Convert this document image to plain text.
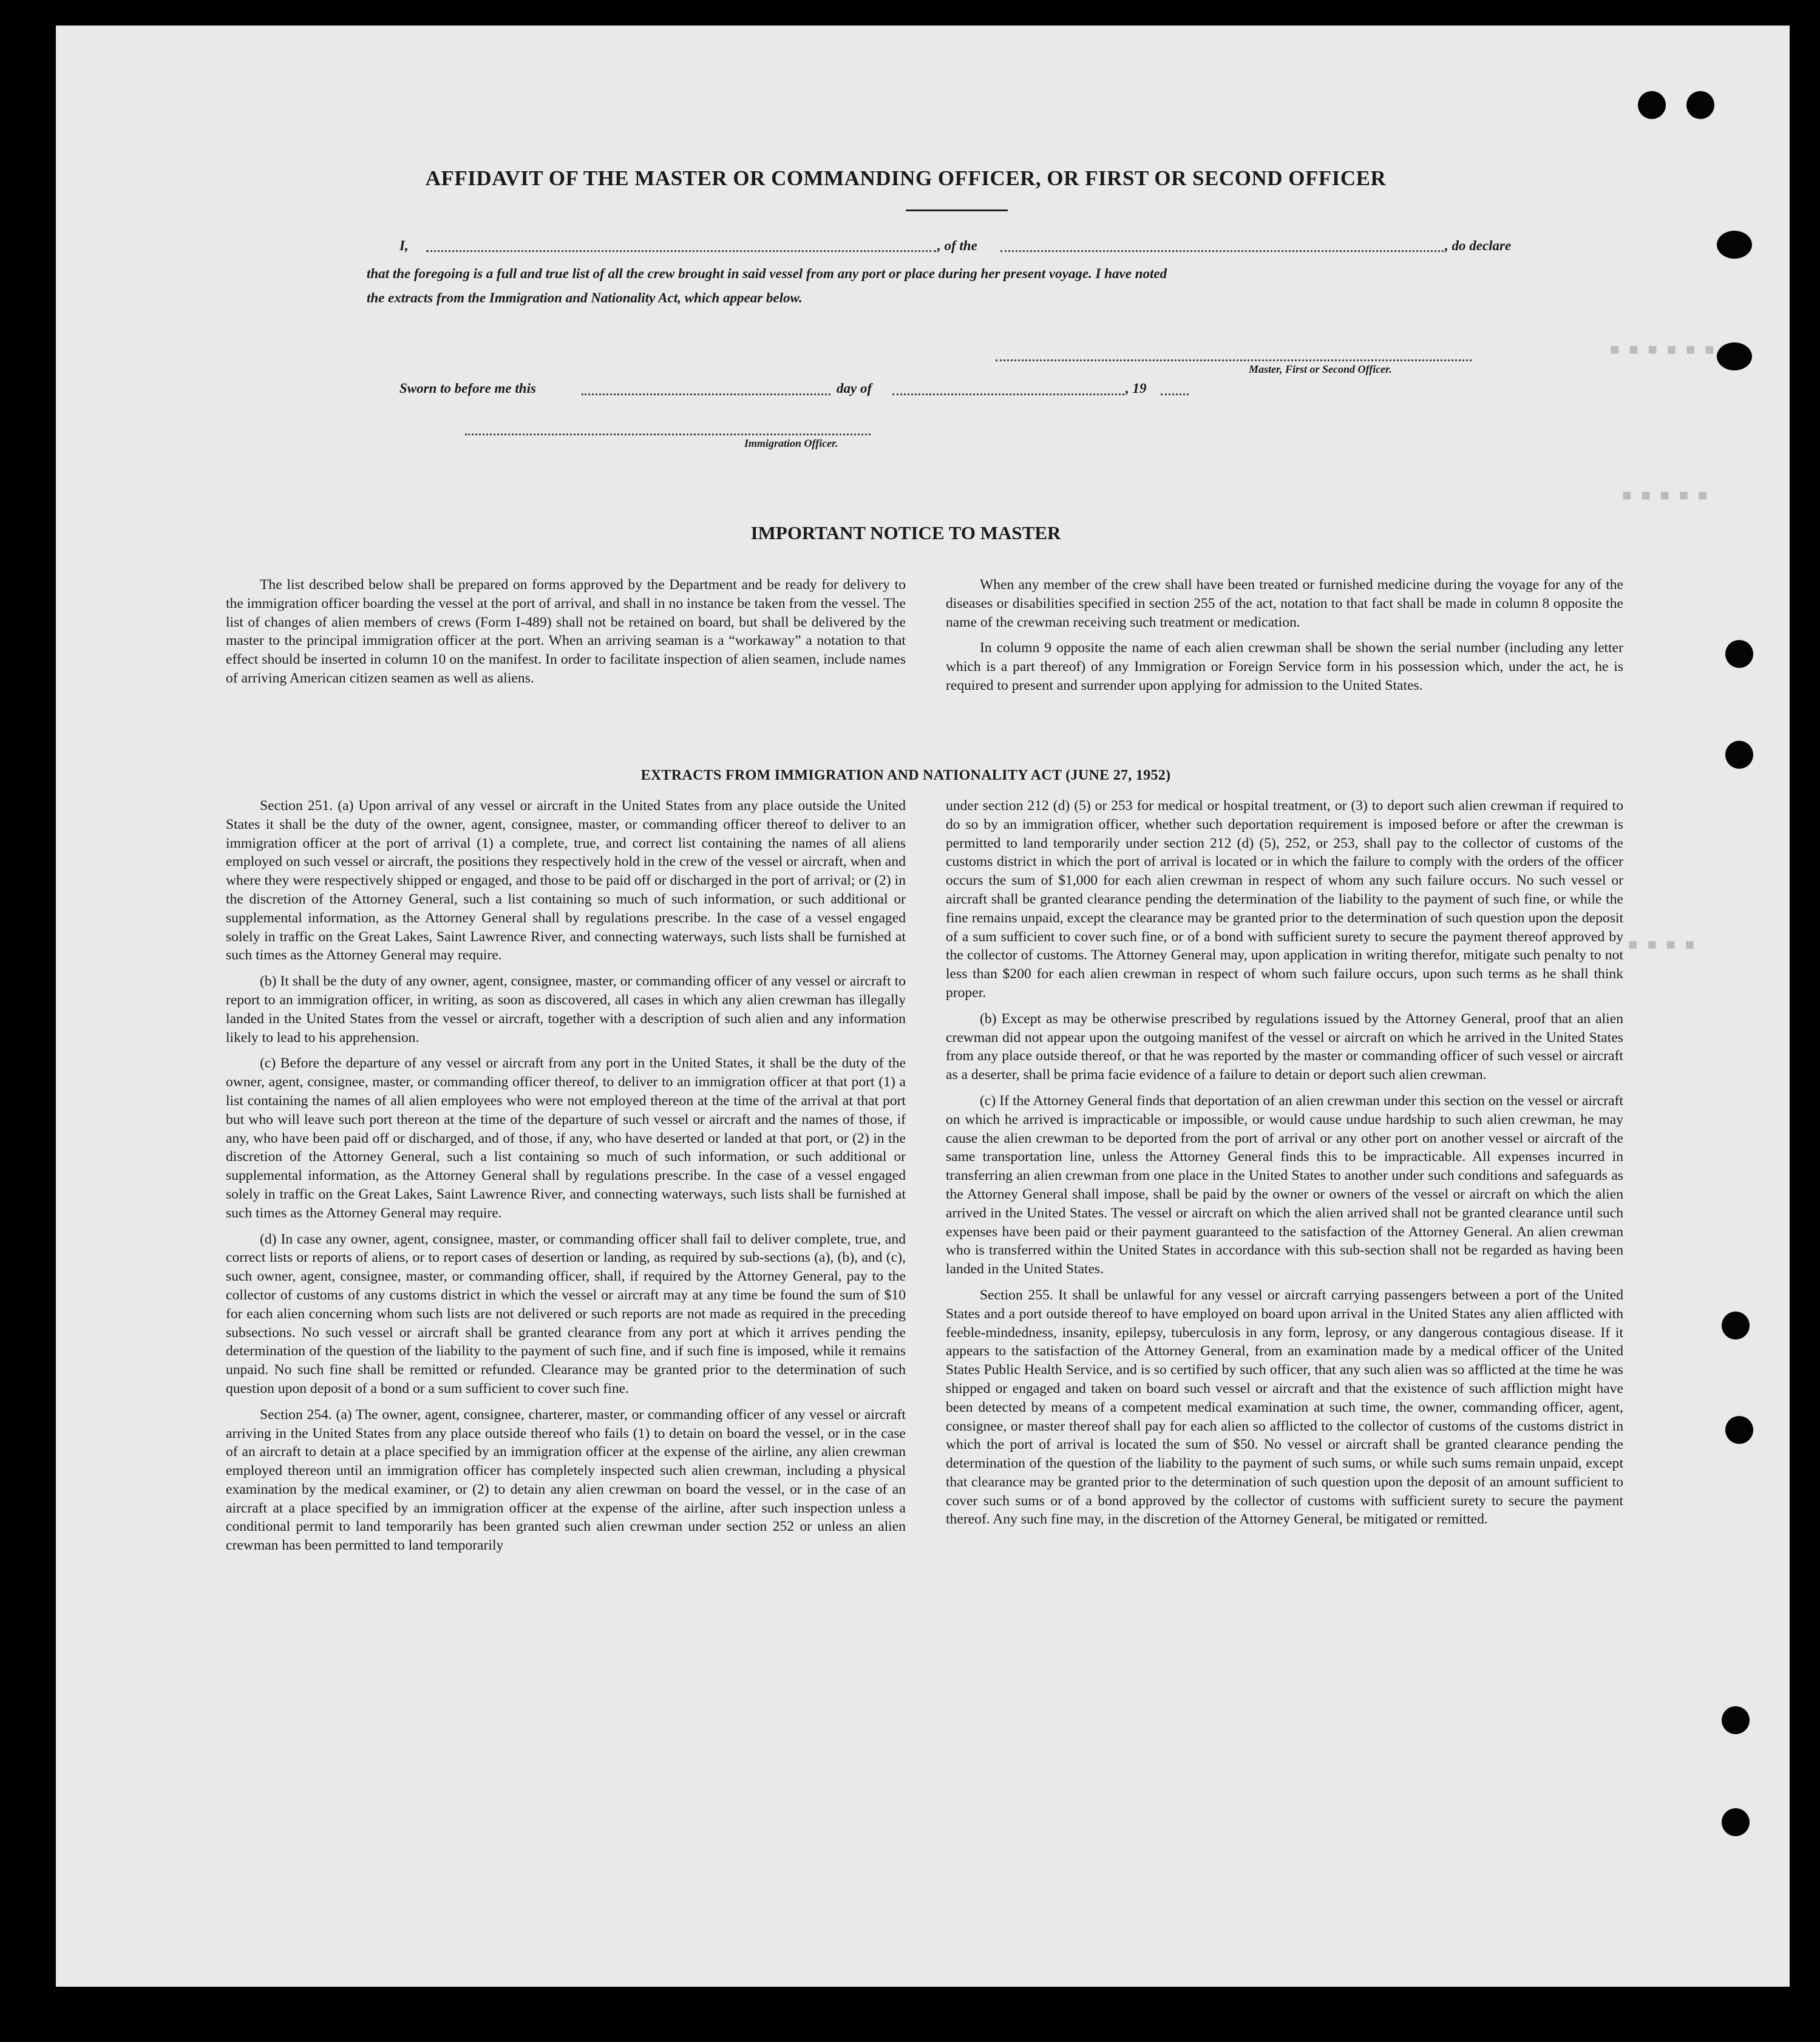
■ ■ ■ ■ ■ ■
■ ■ ■ ■ ■
■ ■ ■ ■
AFFIDAVIT OF THE MASTER OR COMMANDING OFFICER, OR FIRST OR SECOND OFFICER
I,	, of the	, do declare
that the foregoing is a full and true list of all the crew brought in said vessel from any port or place during her present voyage. I have noted
the extracts from the Immigration and Nationality Act, which appear below.
Master, First or Second Officer.
Sworn to before me this	day of	, 19
Immigration Officer.
IMPORTANT NOTICE TO MASTER

The list described below shall be prepared on forms approved by the Department and be ready for delivery to the immigration officer boarding the vessel at the port of arrival, and shall in no instance be taken from the vessel. The list of changes of alien members of crews (Form I-489) shall not be retained on board, but shall be delivered by the master to the principal immigration officer at the port. When an arriving seaman is a “workaway” a notation to that effect should be inserted in column 10 on the manifest. In order to facilitate inspection of alien seamen, include names of arriving American citizen seamen as well as aliens.

When any member of the crew shall have been treated or furnished medicine during the voyage for any of the diseases or disabilities specified in section 255 of the act, notation to that fact shall be made in column 8 opposite the name of the crewman receiving such treatment or medication.

In column 9 opposite the name of each alien crewman shall be shown the serial number (including any letter which is a part thereof) of any Immigration or Foreign Service form in his possession which, under the act, he is required to present and surrender upon applying for admission to the United States.

EXTRACTS FROM IMMIGRATION AND NATIONALITY ACT (JUNE 27, 1952)

Section 251. (a) Upon arrival of any vessel or aircraft in the United States from any place outside the United States it shall be the duty of the owner, agent, consignee, master, or commanding officer thereof to deliver to an immigration officer at the port of arrival (1) a complete, true, and correct list containing the names of all aliens employed on such vessel or aircraft, the positions they respectively hold in the crew of the vessel or aircraft, when and where they were respectively shipped or engaged, and those to be paid off or discharged in the port of arrival; or (2) in the discretion of the Attorney General, such a list containing so much of such information, or such additional or supplemental information, as the Attorney General shall by regulations prescribe. In the case of a vessel engaged solely in traffic on the Great Lakes, Saint Lawrence River, and connecting waterways, such lists shall be furnished at such times as the Attorney General may require.

(b) It shall be the duty of any owner, agent, consignee, master, or commanding officer of any vessel or aircraft to report to an immigration officer, in writing, as soon as discovered, all cases in which any alien crewman has illegally landed in the United States from the vessel or aircraft, together with a description of such alien and any information likely to lead to his apprehension.

(c) Before the departure of any vessel or aircraft from any port in the United States, it shall be the duty of the owner, agent, consignee, master, or commanding officer thereof, to deliver to an immigration officer at that port (1) a list containing the names of all alien employees who were not employed thereon at the time of the arrival at that port but who will leave such port thereon at the time of the departure of such vessel or aircraft and the names of those, if any, who have been paid off or discharged, and of those, if any, who have deserted or landed at that port, or (2) in the discretion of the Attorney General, such a list containing so much of such information, or such additional or supplemental information, as the Attorney General shall by regulations prescribe. In the case of a vessel engaged solely in traffic on the Great Lakes, Saint Lawrence River, and connecting waterways, such lists shall be furnished at such times as the Attorney General may require.

(d) In case any owner, agent, consignee, master, or commanding officer shall fail to deliver complete, true, and correct lists or reports of aliens, or to report cases of desertion or landing, as required by sub-sections (a), (b), and (c), such owner, agent, consignee, master, or commanding officer, shall, if required by the Attorney General, pay to the collector of customs of any customs district in which the vessel or aircraft may at any time be found the sum of $10 for each alien concerning whom such lists are not delivered or such reports are not made as required in the preceding subsections. No such vessel or aircraft shall be granted clearance from any port at which it arrives pending the determination of the question of the liability to the payment of such fine, and if such fine is imposed, while it remains unpaid. No such fine shall be remitted or refunded. Clearance may be granted prior to the determination of such question upon deposit of a bond or a sum sufficient to cover such fine.

Section 254. (a) The owner, agent, consignee, charterer, master, or commanding officer of any vessel or aircraft arriving in the United States from any place outside thereof who fails (1) to detain on board the vessel, or in the case of an aircraft to detain at a place specified by an immigration officer at the expense of the airline, any alien crewman employed thereon until an immigration officer has completely inspected such alien crewman, including a physical examination by the medical examiner, or (2) to detain any alien crewman on board the vessel, or in the case of an aircraft at a place specified by an immigration officer at the expense of the airline, after such inspection unless a conditional permit to land temporarily has been granted such alien crewman under section 252 or unless an alien crewman has been permitted to land temporarily

under section 212 (d) (5) or 253 for medical or hospital treatment, or (3) to deport such alien crewman if required to do so by an immigration officer, whether such deportation requirement is imposed before or after the crewman is permitted to land temporarily under section 212 (d) (5), 252, or 253, shall pay to the collector of customs of the customs district in which the port of arrival is located or in which the failure to comply with the orders of the officer occurs the sum of $1,000 for each alien crewman in respect of whom any such failure occurs. No such vessel or aircraft shall be granted clearance pending the determination of the liability to the payment of such fine, or while the fine remains unpaid, except the clearance may be granted prior to the determination of such question upon the deposit of a sum sufficient to cover such fine, or of a bond with sufficient surety to secure the payment thereof approved by the collector of customs. The Attorney General may, upon application in writing therefor, mitigate such penalty to not less than $200 for each alien crewman in respect of whom such failure occurs, upon such terms as he shall think proper.

(b) Except as may be otherwise prescribed by regulations issued by the Attorney General, proof that an alien crewman did not appear upon the outgoing manifest of the vessel or aircraft on which he arrived in the United States from any place outside thereof, or that he was reported by the master or commanding officer of such vessel or aircraft as a deserter, shall be prima facie evidence of a failure to detain or deport such alien crewman.

(c) If the Attorney General finds that deportation of an alien crewman under this section on the vessel or aircraft on which he arrived is impracticable or impossible, or would cause undue hardship to such alien crewman, he may cause the alien crewman to be deported from the port of arrival or any other port on another vessel or aircraft of the same transportation line, unless the Attorney General finds this to be impracticable. All expenses incurred in transferring an alien crewman from one place in the United States to another under such conditions and safeguards as the Attorney General shall impose, shall be paid by the owner or owners of the vessel or aircraft on which the alien arrived in the United States. The vessel or aircraft on which the alien arrived shall not be granted clearance until such expenses have been paid or their payment guaranteed to the satisfaction of the Attorney General. An alien crewman who is transferred within the United States in accordance with this sub-section shall not be regarded as having been landed in the United States.

Section 255. It shall be unlawful for any vessel or aircraft carrying passengers between a port of the United States and a port outside thereof to have employed on board upon arrival in the United States any alien afflicted with feeble-mindedness, insanity, epilepsy, tuberculosis in any form, leprosy, or any dangerous contagious disease. If it appears to the satisfaction of the Attorney General, from an examination made by a medical officer of the United States Public Health Service, and is so certified by such officer, that any such alien was so afflicted at the time he was shipped or engaged and taken on board such vessel or aircraft and that the existence of such affliction might have been detected by means of a competent medical examination at such time, the owner, commanding officer, agent, consignee, or master thereof shall pay for each alien so afflicted to the collector of customs of the customs district in which the port of arrival is located the sum of $50. No vessel or aircraft shall be granted clearance pending the determination of the question of the liability to the payment of such sums, or while such sums remain unpaid, except that clearance may be granted prior to the determination of such question upon the deposit of an amount sufficient to cover such sums or of a bond approved by the collector of customs with sufficient surety to secure the payment thereof. Any such fine may, in the discretion of the Attorney General, be mitigated or remitted.
